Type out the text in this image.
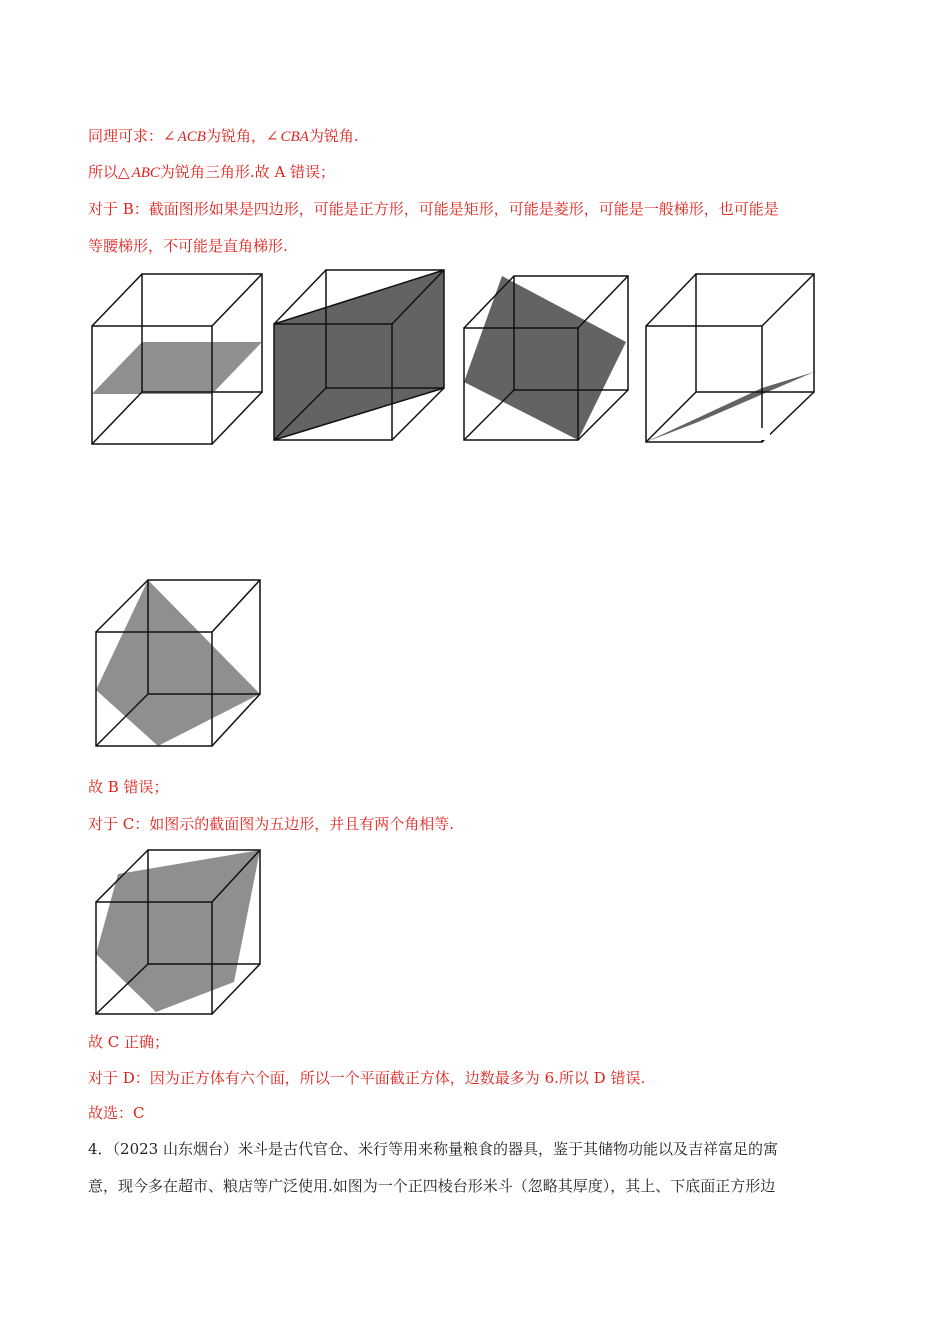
同理可求：∠ ACB为锐角，∠ CBA为锐角.
所以△ ABC为锐角三角形.故 A 错误；
对于 B：截面图形如果是四边形，可能是正方形，可能是矩形，可能是菱形，可能是一般梯形，也可能是
等腰梯形，不可能是直角梯形.
故 B 错误；
对于 C：如图示的截面图为五边形，并且有两个角相等.
故 C 正确；
对于 D：因为正方体有六个面，所以一个平面截正方体，边数最多为 6.所以 D 错误.
故选：C
4．（2023 山东烟台）米斗是古代官仓、米行等用来称量粮食的器具，鉴于其储物功能以及吉祥富足的寓
意，现今多在超市、粮店等广泛使用.如图为一个正四棱台形米斗（忽略其厚度），其上、下底面正方形边
